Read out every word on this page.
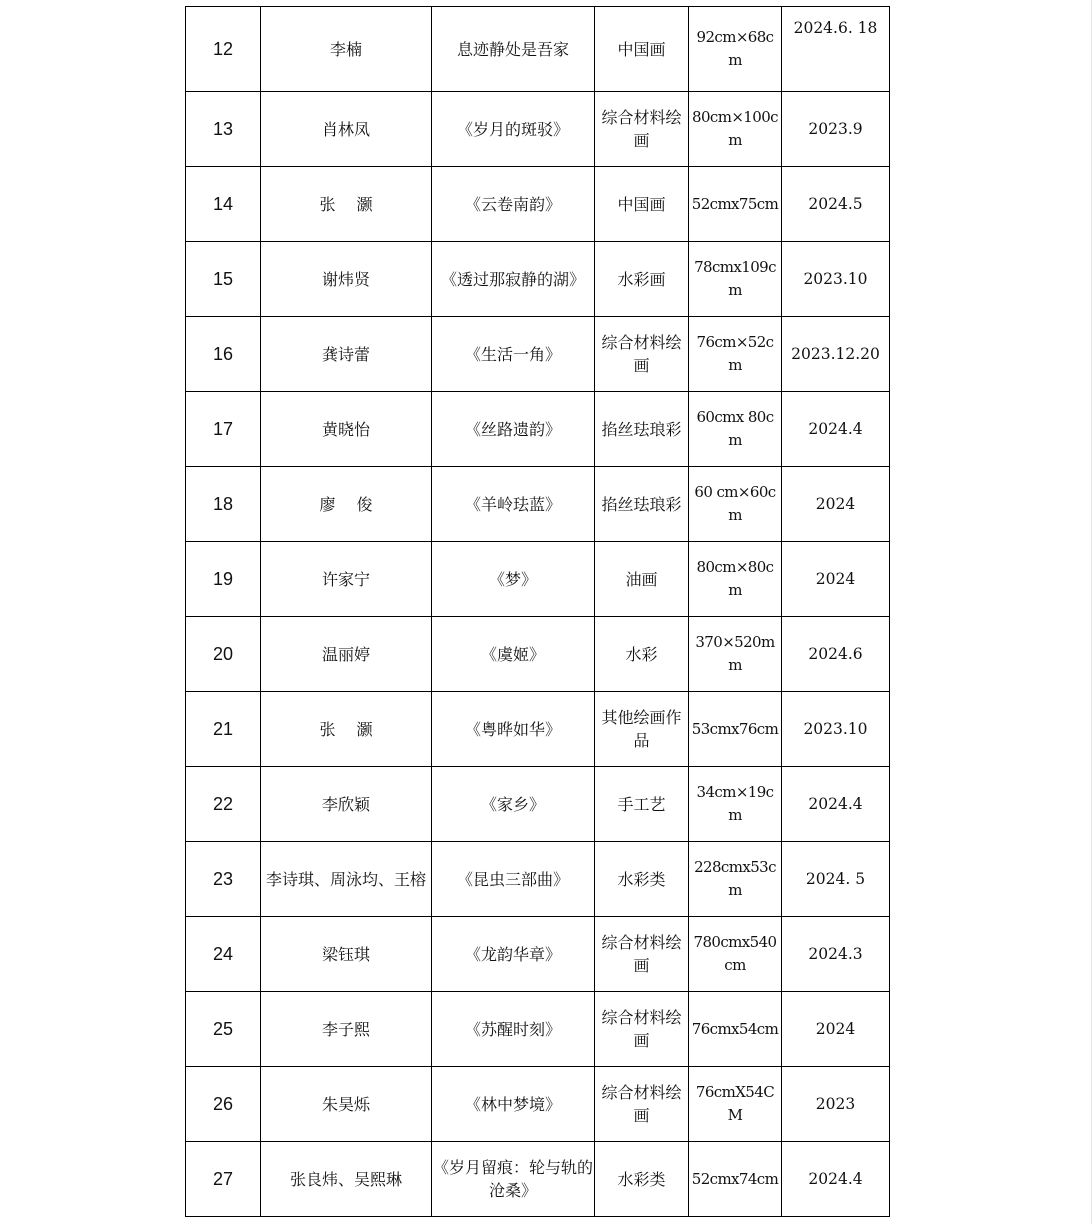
12	李楠	息迹静处是吾家	中国画	92cm×68cm	2024.6. 18
13	肖林凤	《岁月的斑驳》	综合材料绘画	80cm×100cm	2023.9
14	张　 灏	《云卷南韵》	中国画	52cmx75cm	2024.5
15	谢炜贤	《透过那寂静的湖》	水彩画	78cmx109cm	2023.10
16	龚诗蕾	《生活一角》	综合材料绘画	76cm×52cm	2023.12.20
17	黄晓怡	《丝路遗韵》	掐丝珐琅彩	60cmx 80cm	2024.4
18	廖　 俊	《羊岭珐蓝》	掐丝珐琅彩	60 cm×60cm	2024
19	许家宁	《梦》	油画	80cm×80cm	2024
20	温丽婷	《虞姬》	水彩	370×520mm	2024.6
21	张　 灏	《粤晔如华》	其他绘画作品	53cmx76cm	2023.10
22	李欣颖	《家乡》	手工艺	34cm×19cm	2024.4
23	李诗琪、周泳均、王榕	《昆虫三部曲》	水彩类	228cmx53cm	2024. 5
24	梁钰琪	《龙韵华章》	综合材料绘画	780cmx540cm	2024.3
25	李子熙	《苏醒时刻》	综合材料绘画	76cmx54cm	2024
26	朱昊烁	《林中梦境》	综合材料绘画	76cmX54CM	2023
27	张良炜、吴熙琳	《岁月留痕：轮与轨的沧桑》	水彩类	52cmx74cm	2024.4
